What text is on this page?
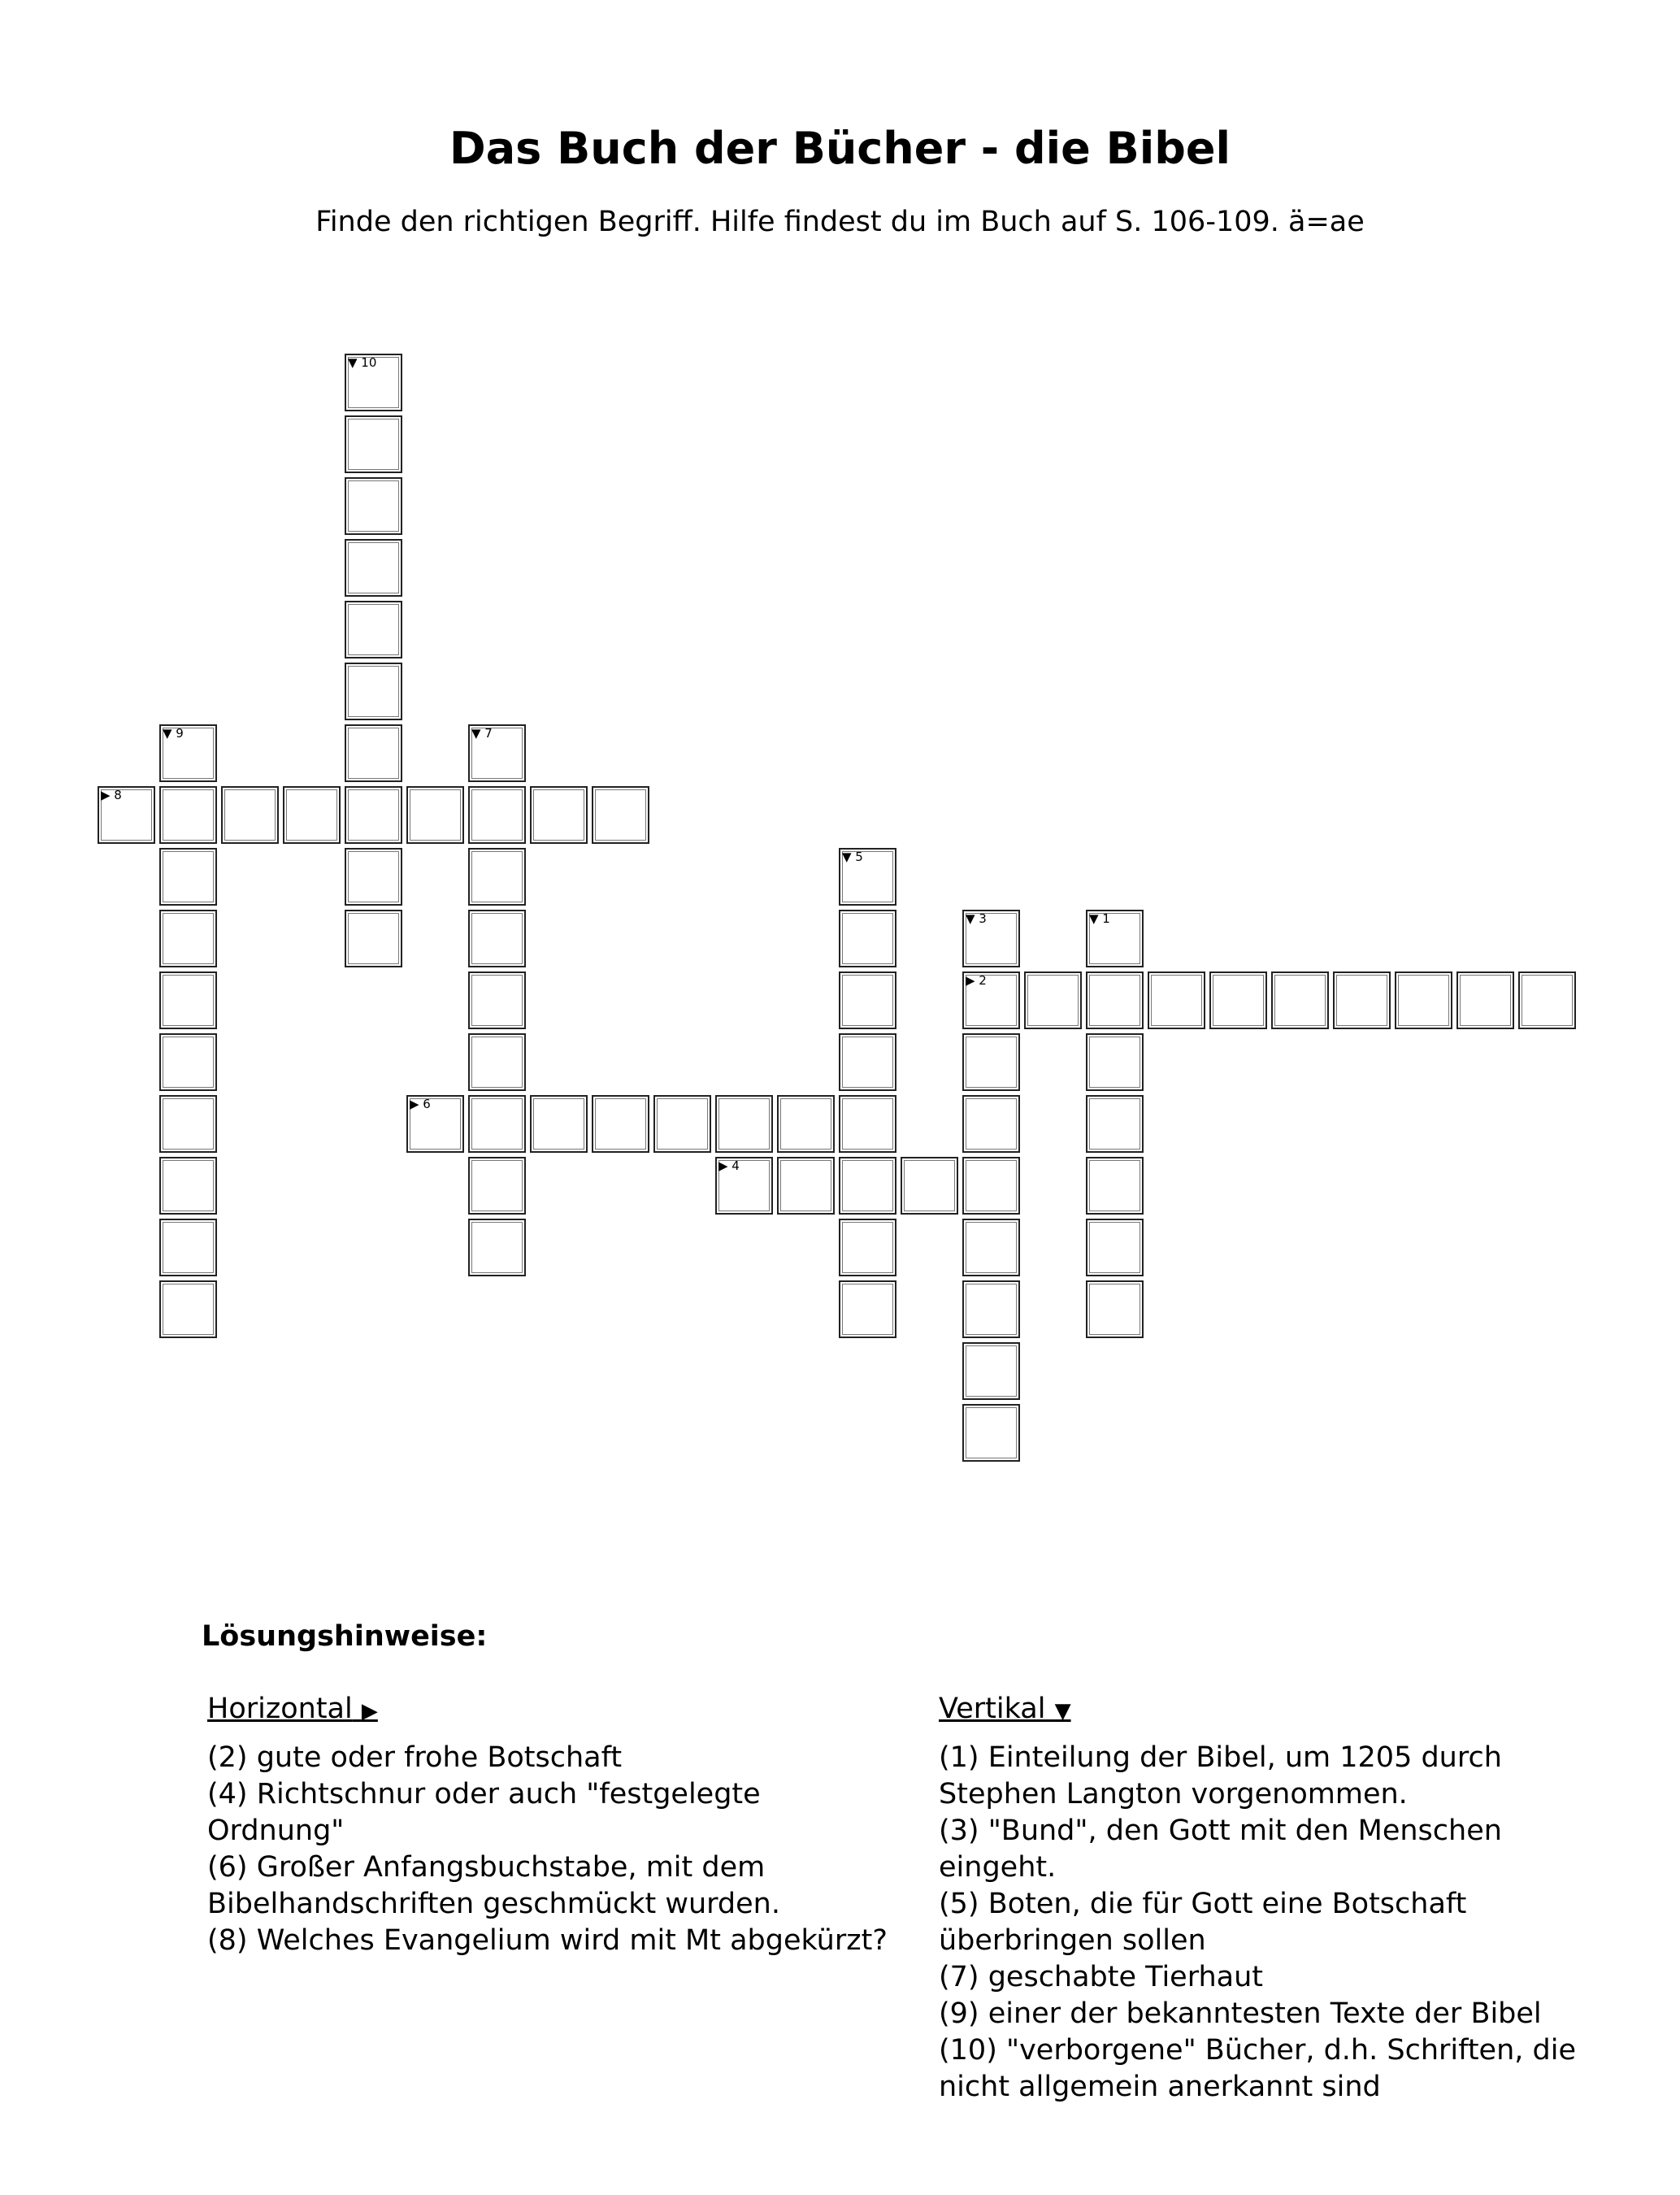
Das Buch der Bücher - die Bibel
Finde den richtigen Begriff. Hilfe findest du im Buch auf S. 106-109. ä=ae
▼ 1
▶ 2
▼ 3
▶ 4
▼ 5
▶ 6
▼ 7
▶ 8
▼ 9
▼ 10
Lösungshinweise:
Horizontal ▶

(2) gute oder frohe Botschaft

(4) Richtschnur oder auch "festgelegte Ordnung"

(6) Großer Anfangsbuchstabe, mit dem Bibelhandschriften geschmückt wurden.

(8) Welches Evangelium wird mit Mt abgekürzt?

Vertikal ▼

(1) Einteilung der Bibel, um 1205 durch Stephen Langton vorgenommen.

(3) "Bund", den Gott mit den Menschen eingeht.

(5) Boten, die für Gott eine Botschaft überbringen sollen

(7) geschabte Tierhaut

(9) einer der bekanntesten Texte der Bibel

(10) "verborgene" Bücher, d.h. Schriften, die nicht allgemein anerkannt sind
